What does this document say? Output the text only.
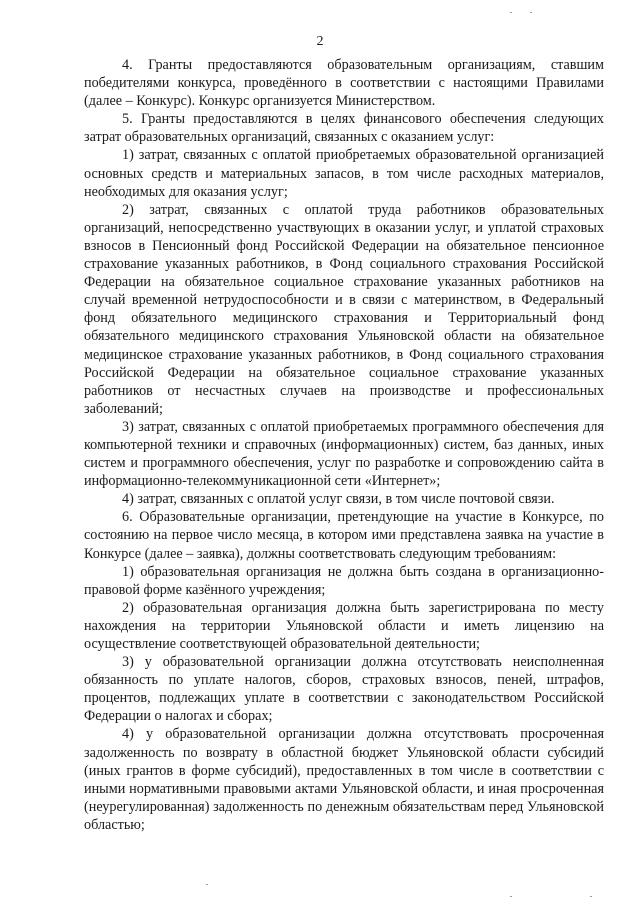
2

4. Гранты предоставляются образовательным организациям, ставшим победителями конкурса, проведённого в соответствии с настоящими Правилами (далее – Конкурс). Конкурс организуется Министерством.

5. Гранты предоставляются в целях финансового обеспечения следующих затрат образовательных организаций, связанных с оказанием услуг:

1) затрат, связанных с оплатой приобретаемых образовательной организацией основных средств и материальных запасов, в том числе расходных материалов, необходимых для оказания услуг;

2) затрат, связанных с оплатой труда работников образовательных организаций, непосредственно участвующих в оказании услуг, и уплатой страховых взносов в Пенсионный фонд Российской Федерации на обязательное пенсионное страхование указанных работников, в Фонд социального страхования Российской Федерации на обязательное социальное страхование указанных работников на случай временной нетрудоспособности и в связи с материнством, в Федеральный фонд обязательного медицинского страхования и Территориальный фонд обязательного медицинского страхования Ульяновской области на обязательное медицинское страхование указанных работников, в Фонд социального страхования Российской Федерации на обязательное социальное страхование указанных работников от несчастных случаев на производстве и профессиональных заболеваний;

3) затрат, связанных с оплатой приобретаемых программного обеспечения для компьютерной техники и справочных (информационных) систем, баз данных, иных систем и программного обеспечения, услуг по разработке и сопровождению сайта в информационно-телекоммуникационной сети «Интернет»;

4) затрат, связанных с оплатой услуг связи, в том числе почтовой связи.

6. Образовательные организации, претендующие на участие в Конкурсе, по состоянию на первое число месяца, в котором ими представлена заявка на участие в Конкурсе (далее – заявка), должны соответствовать следующим требованиям:

1) образовательная организация не должна быть создана в организационно-правовой форме казённого учреждения;

2) образовательная организация должна быть зарегистрирована по месту нахождения на территории Ульяновской области и иметь лицензию на осуществление соответствующей образовательной деятельности;

3) у образовательной организации должна отсутствовать неисполненная обязанность по уплате налогов, сборов, страховых взносов, пеней, штрафов, процентов, подлежащих уплате в соответствии с законодательством Российской Федерации о налогах и сборах;

4) у образовательной организации должна отсутствовать просроченная задолженность по возврату в областной бюджет Ульяновской области субсидий (иных грантов в форме субсидий), предоставленных в том числе в соответствии с иными нормативными правовыми актами Ульяновской области, и иная просроченная (неурегулированная) задолженность по денежным обязательствам перед Ульяновской областью;
